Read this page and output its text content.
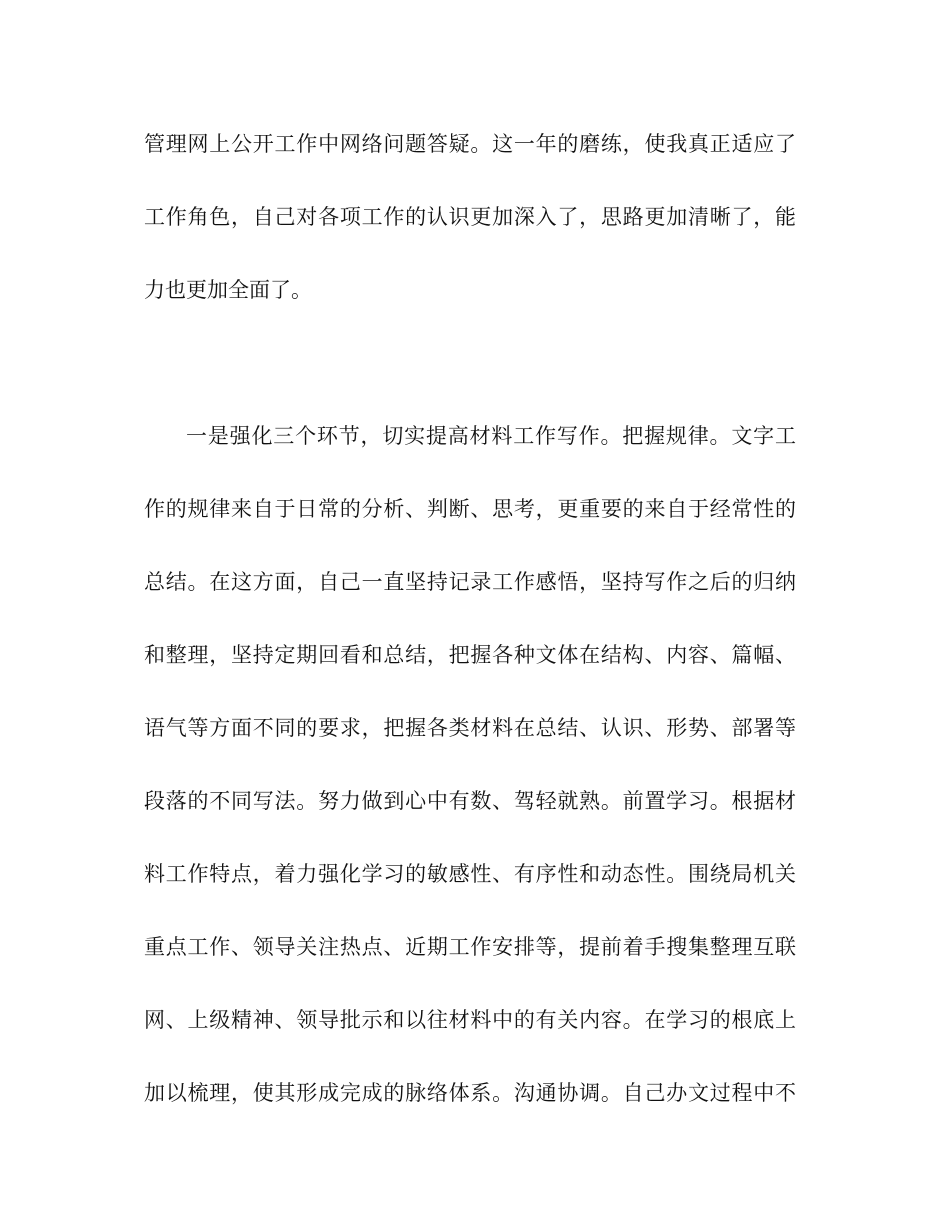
管理网上公开工作中网络问题答疑。这一年的磨练，使我真正适应了
工作角色，自己对各项工作的认识更加深入了，思路更加清晰了，能
力也更加全面了。
一是强化三个环节，切实提高材料工作写作。把握规律。文字工
作的规律来自于日常的分析、判断、思考，更重要的来自于经常性的
总结。在这方面，自己一直坚持记录工作感悟，坚持写作之后的归纳
和整理，坚持定期回看和总结，把握各种文体在结构、内容、篇幅、
语气等方面不同的要求，把握各类材料在总结、认识、形势、部署等
段落的不同写法。努力做到心中有数、驾轻就熟。前置学习。根据材
料工作特点，着力强化学习的敏感性、有序性和动态性。围绕局机关
重点工作、领导关注热点、近期工作安排等，提前着手搜集整理互联
网、上级精神、领导批示和以往材料中的有关内容。在学习的根底上
加以梳理，使其形成完成的脉络体系。沟通协调。自己办文过程中不
